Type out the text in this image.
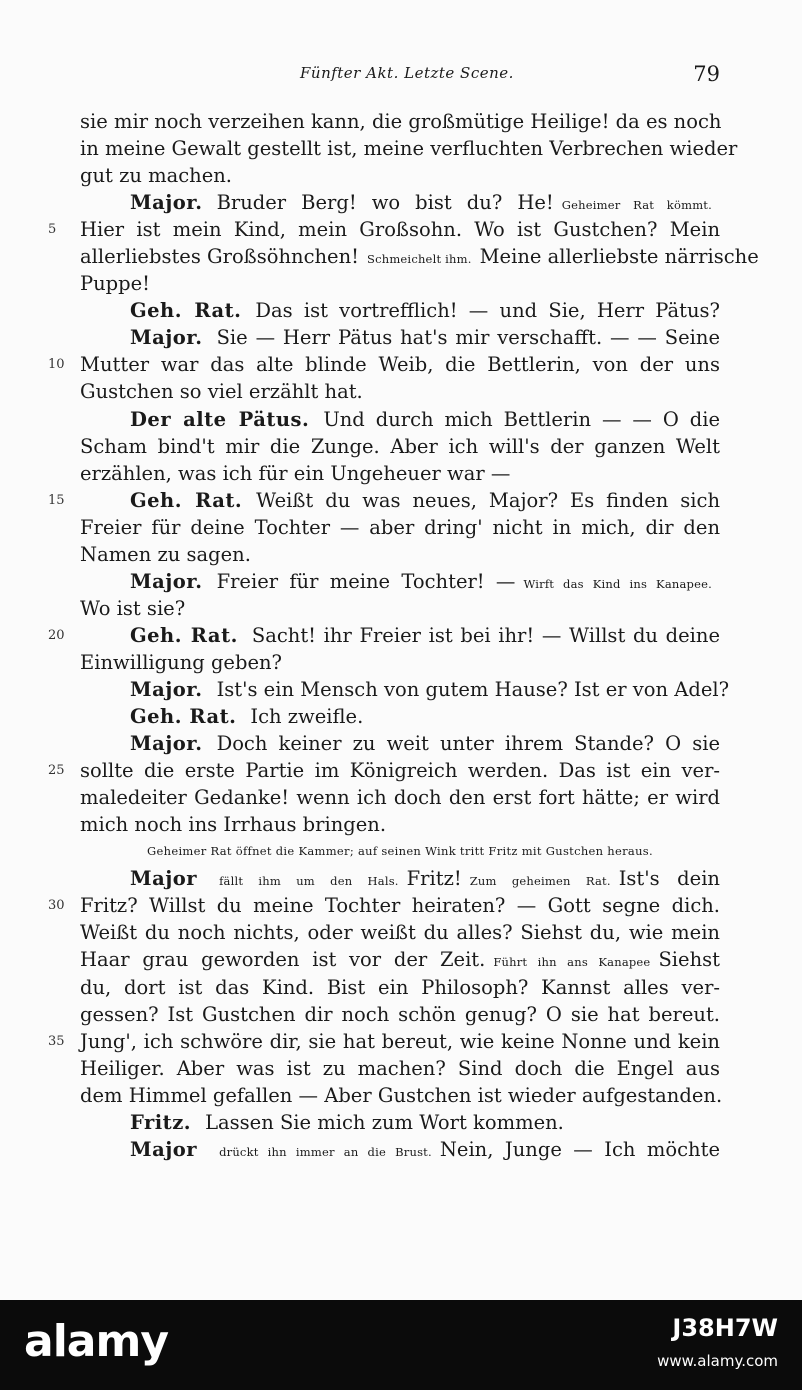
Fünfter Akt. Letzte Scene.	79
sie mir noch verzeihen kann, die großmütige Heilige! da es noch
in meine Gewalt gestellt ist, meine verfluchten Verbrechen wieder
gut zu machen.
Major. Bruder Berg! wo bist du? He! Geheimer Rat kömmt.
5	Hier ist mein Kind, mein Großsohn. Wo ist Gustchen? Mein
allerliebstes Großsöhnchen! Schmeichelt ihm. Meine allerliebste närrische
Puppe!
Geh. Rat. Das ist vortrefflich! — und Sie, Herr Pätus?
Major. Sie — Herr Pätus hat's mir verschafft. — — Seine
10 Mutter war das alte blinde Weib, die Bettlerin, von der uns
Gustchen so viel erzählt hat.
Der alte Pätus. Und durch mich Bettlerin — — O die
Scham bind't mir die Zunge. Aber ich will's der ganzen Welt
erzählen, was ich für ein Ungeheuer war —
15	Geh. Rat. Weißt du was neues, Major? Es finden sich
Freier für deine Tochter — aber dring' nicht in mich, dir den
Namen zu sagen.
Major. Freier für meine Tochter! — Wirft das Kind ins Kanapee.
Wo ist sie?
20	Geh. Rat. Sacht! ihr Freier ist bei ihr! — Willst du deine
Einwilligung geben?
Major. Ist's ein Mensch von gutem Hause? Ist er von Adel?
Geh. Rat. Ich zweifle.
Major. Doch keiner zu weit unter ihrem Stande? O sie
25 sollte die erste Partie im Königreich werden. Das ist ein ver-
maledeiter Gedanke! wenn ich doch den erst fort hätte; er wird
mich noch ins Irrhaus bringen.
Geheimer Rat öffnet die Kammer; auf seinen Wink tritt Fritz mit Gustchen heraus.
Major fällt ihm um den Hals. Fritz! Zum geheimen Rat. Ist's dein
30 Fritz? Willst du meine Tochter heiraten? — Gott segne dich.
Weißt du noch nichts, oder weißt du alles? Siehst du, wie mein
Haar grau geworden ist vor der Zeit. Führt ihn ans Kanapee Siehst
du, dort ist das Kind. Bist ein Philosoph? Kannst alles ver-
gessen? Ist Gustchen dir noch schön genug? O sie hat bereut.
35 Jung', ich schwöre dir, sie hat bereut, wie keine Nonne und kein
Heiliger. Aber was ist zu machen? Sind doch die Engel aus
dem Himmel gefallen — Aber Gustchen ist wieder aufgestanden.
Fritz. Lassen Sie mich zum Wort kommen.
Major drückt ihn immer an die Brust. Nein, Junge — Ich möchte
alamy	J38H7W
www.alamy.com
